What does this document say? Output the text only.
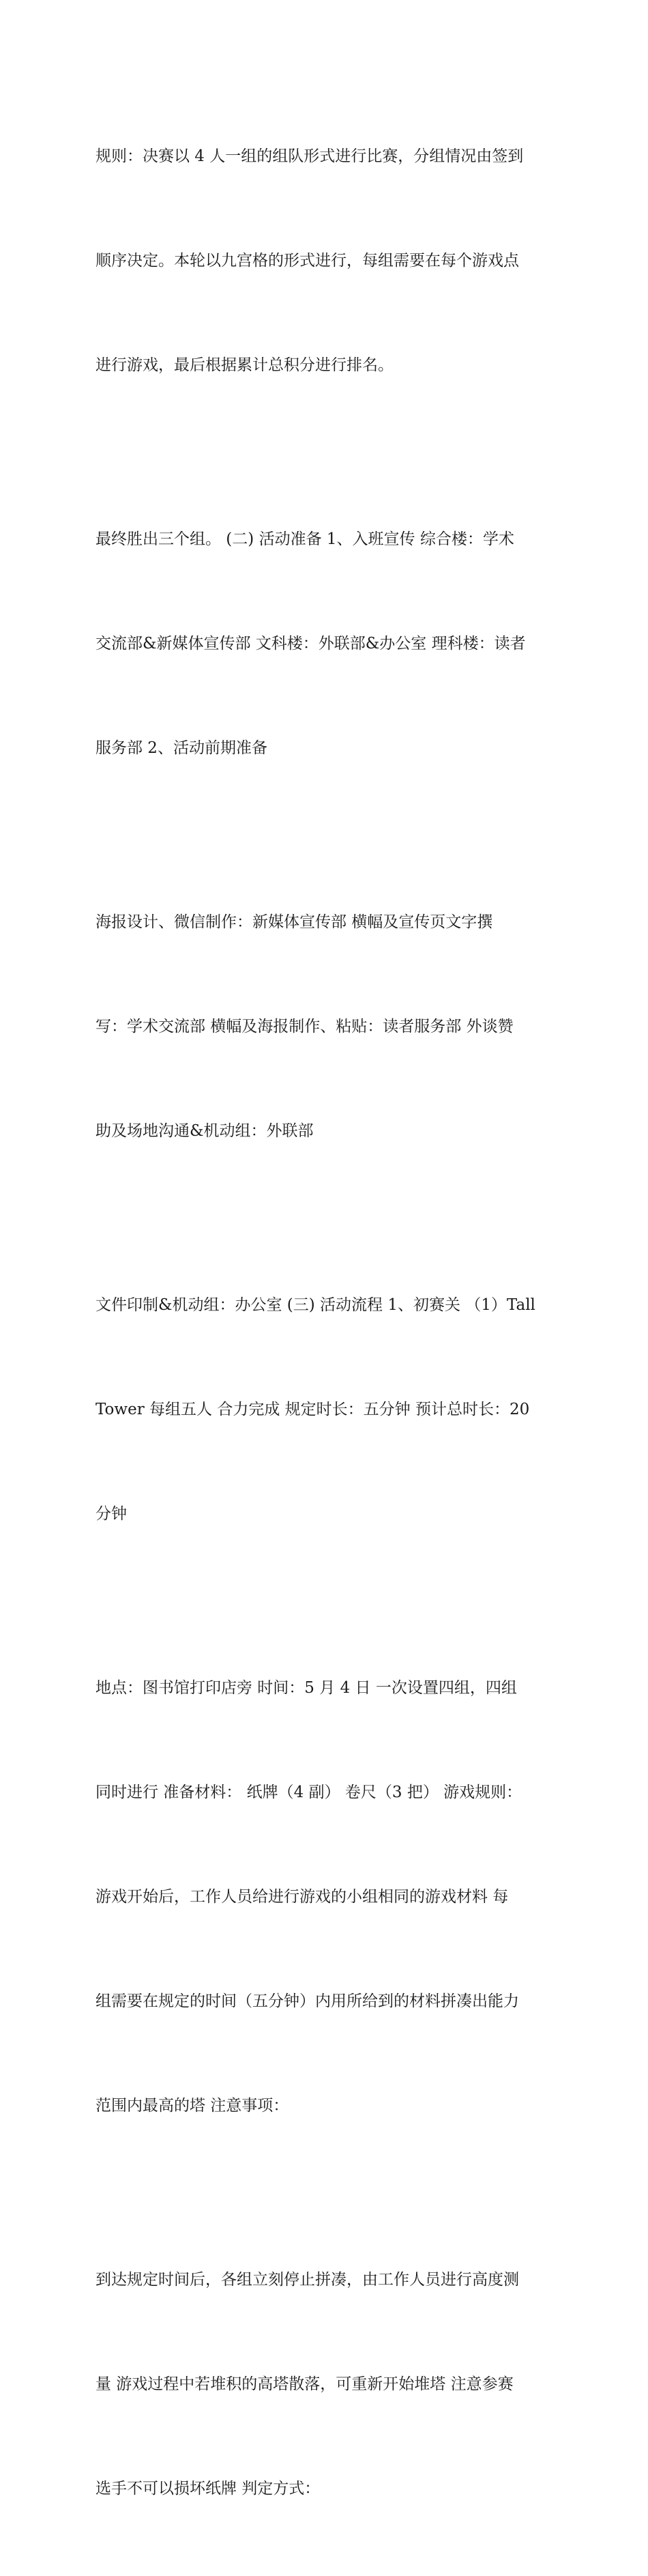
规则：决赛以 4 人一组的组队形式进行比赛，分组情况由签到

顺序决定。本轮以九宫格的形式进行，每组需要在每个游戏点

进行游戏，最后根据累计总积分进行排名。

最终胜出三个组。 (二) 活动准备 1、入班宣传 综合楼：学术

交流部&新媒体宣传部 文科楼：外联部&办公室 理科楼：读者

服务部 2、活动前期准备

海报设计、微信制作：新媒体宣传部 横幅及宣传页文字撰

写：学术交流部 横幅及海报制作、粘贴：读者服务部 外谈赞

助及场地沟通&机动组：外联部

文件印制&机动组：办公室 (三) 活动流程 1、初赛关 （1）Tall

Tower 每组五人 合力完成 规定时长：五分钟 预计总时长：20

分钟

地点：图书馆打印店旁 时间：5 月 4 日 一次设置四组，四组

同时进行 准备材料： 纸牌（4 副） 卷尺（3 把） 游戏规则：

游戏开始后，工作人员给进行游戏的小组相同的游戏材料 每

组需要在规定的时间（五分钟）内用所给到的材料拼凑出能力

范围内最高的塔 注意事项：

到达规定时间后，各组立刻停止拼凑，由工作人员进行高度测

量 游戏过程中若堆积的高塔散落，可重新开始堆塔 注意参赛

选手不可以损坏纸牌 判定方式：
